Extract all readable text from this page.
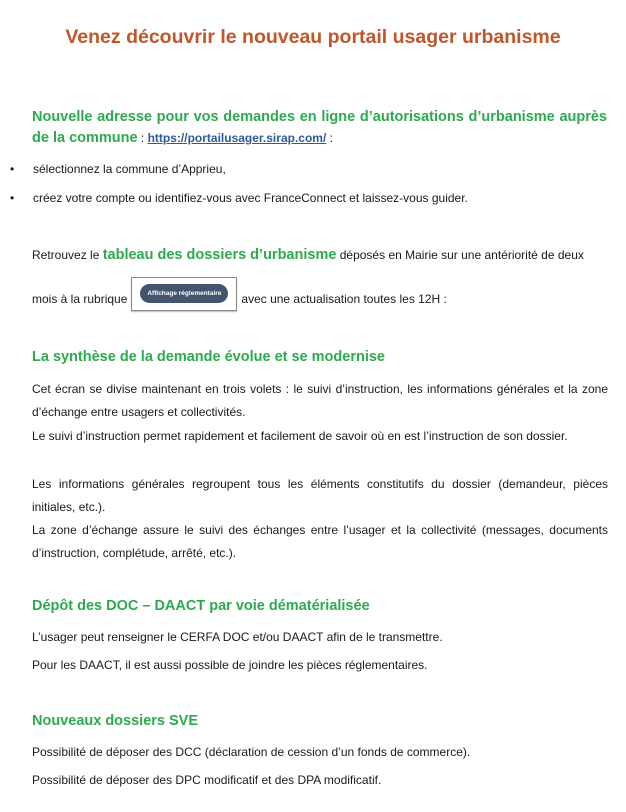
Venez découvrir le nouveau portail usager urbanisme
Nouvelle adresse pour vos demandes en ligne d’autorisations d’urbanisme auprès de la commune : https://portailusager.sirap.com/ :
• sélectionnez la commune d’Apprieu,
• créez votre compte ou identifiez-vous avec FranceConnect et laissez-vous guider.
Retrouvez le tableau des dossiers d’urbanisme déposés en Mairie sur une antériorité de deux
mois à la rubrique	Affichage réglementaire	avec une actualisation toutes les 12H :
La synthèse de la demande évolue et se modernise
Cet écran se divise maintenant en trois volets : le suivi d’instruction, les informations générales et la zone d’échange entre usagers et collectivités.
Le suivi d’instruction permet rapidement et facilement de savoir où en est l’instruction de son dossier.
Les informations générales regroupent tous les éléments constitutifs du dossier (demandeur, pièces initiales, etc.).
La zone d’échange assure le suivi des échanges entre l’usager et la collectivité (messages, documents d’instruction, complétude, arrêté, etc.).
Dépôt des DOC – DAACT par voie dématérialisée
L’usager peut renseigner le CERFA DOC et/ou DAACT afin de le transmettre.
Pour les DAACT, il est aussi possible de joindre les pièces réglementaires.
Nouveaux dossiers SVE
Possibilité de déposer des DCC (déclaration de cession d’un fonds de commerce).
Possibilité de déposer des DPC modificatif et des DPA modificatif.
